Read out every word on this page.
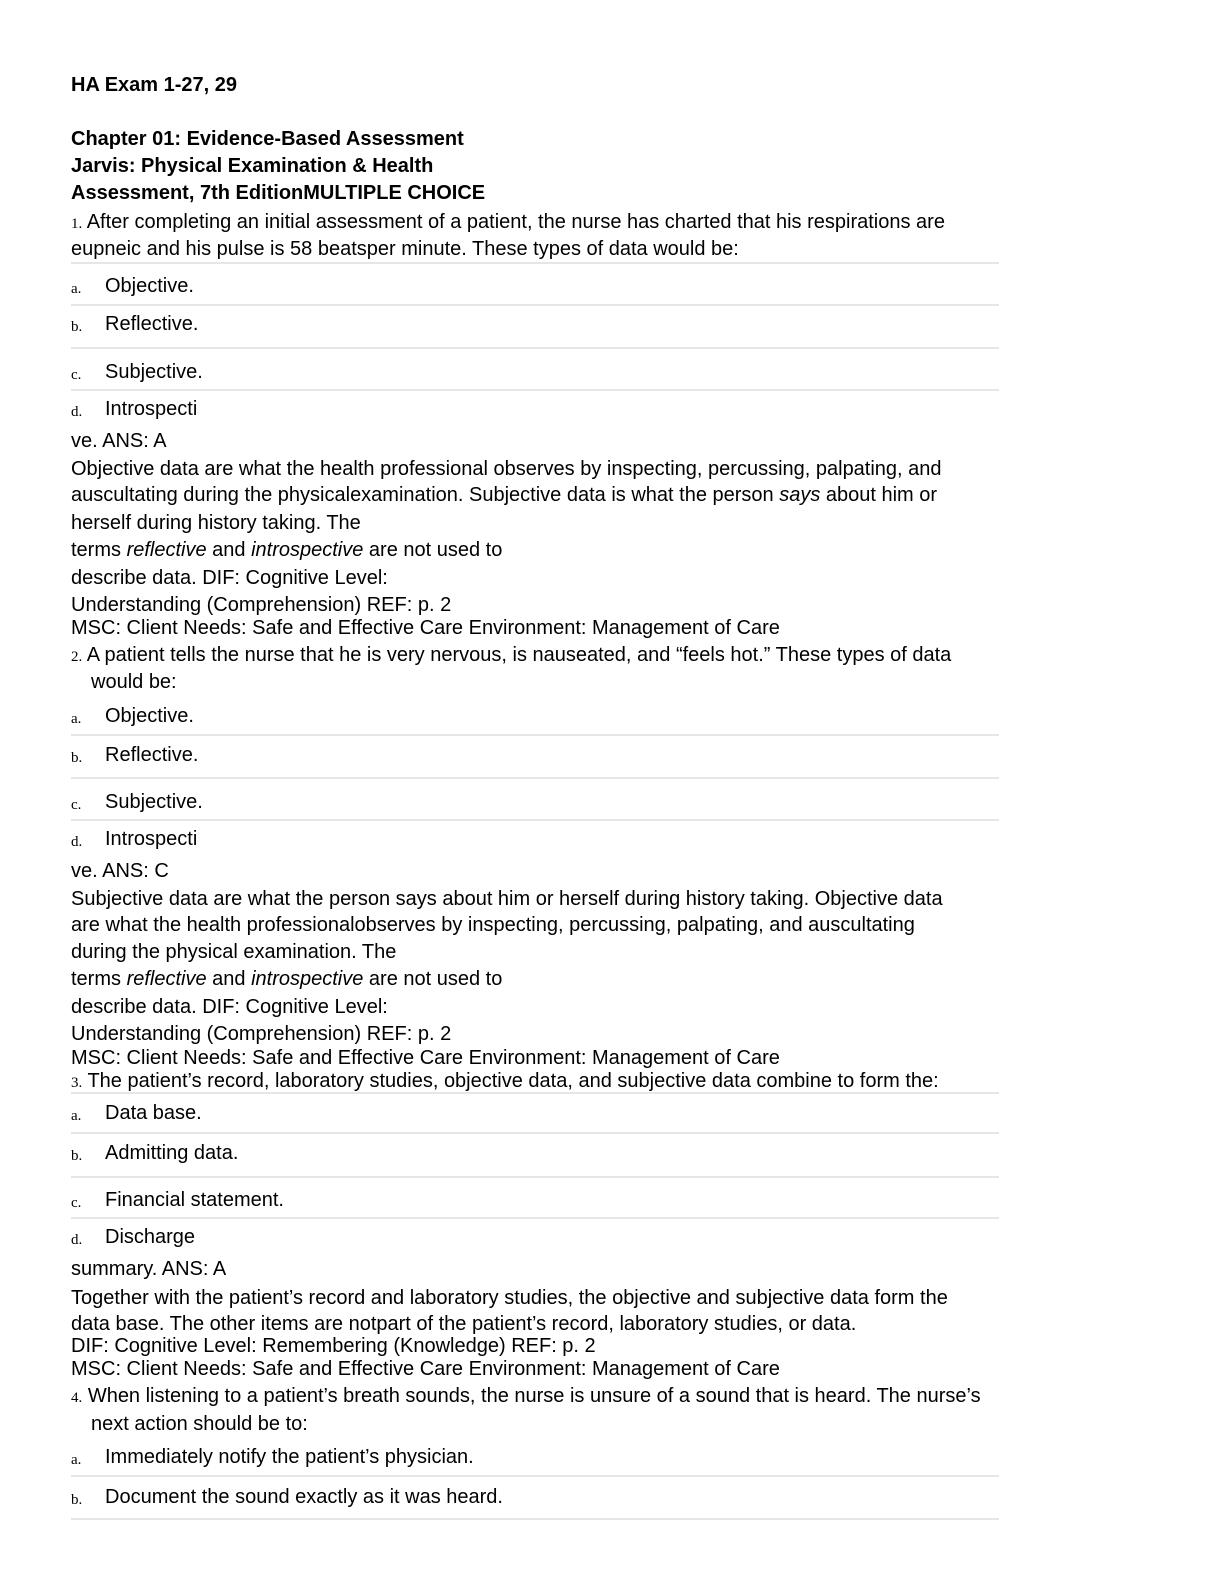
HA Exam 1-27, 29
Chapter 01: Evidence-Based Assessment
Jarvis: Physical Examination & Health
Assessment, 7th EditionMULTIPLE CHOICE
1. After completing an initial assessment of a patient, the nurse has charted that his respirations are
eupneic and his pulse is 58 beatsper minute. These types of data would be:
a. Objective.
b. Reflective.
c. Subjective.
d. Introspecti
ve. ANS: A
Objective data are what the health professional observes by inspecting, percussing, palpating, and
auscultating during the physicalexamination. Subjective data is what the person says about him or
herself during history taking. The
terms reflective and introspective are not used to
describe data. DIF: Cognitive Level:
Understanding (Comprehension) REF: p. 2
MSC: Client Needs: Safe and Effective Care Environment: Management of Care
2. A patient tells the nurse that he is very nervous, is nauseated, and “feels hot.” These types of data
would be:
a. Objective.
b. Reflective.
c. Subjective.
d. Introspecti
ve. ANS: C
Subjective data are what the person says about him or herself during history taking. Objective data
are what the health professionalobserves by inspecting, percussing, palpating, and auscultating
during the physical examination. The
terms reflective and introspective are not used to
describe data. DIF: Cognitive Level:
Understanding (Comprehension) REF: p. 2
MSC: Client Needs: Safe and Effective Care Environment: Management of Care
3. The patient’s record, laboratory studies, objective data, and subjective data combine to form the:
a. Data base.
b. Admitting data.
c. Financial statement.
d. Discharge
summary. ANS: A
Together with the patient’s record and laboratory studies, the objective and subjective data form the
data base. The other items are notpart of the patient’s record, laboratory studies, or data.
DIF: Cognitive Level: Remembering (Knowledge) REF: p. 2
MSC: Client Needs: Safe and Effective Care Environment: Management of Care
4. When listening to a patient’s breath sounds, the nurse is unsure of a sound that is heard. The nurse’s
next action should be to:
a. Immediately notify the patient’s physician.
b. Document the sound exactly as it was heard.
